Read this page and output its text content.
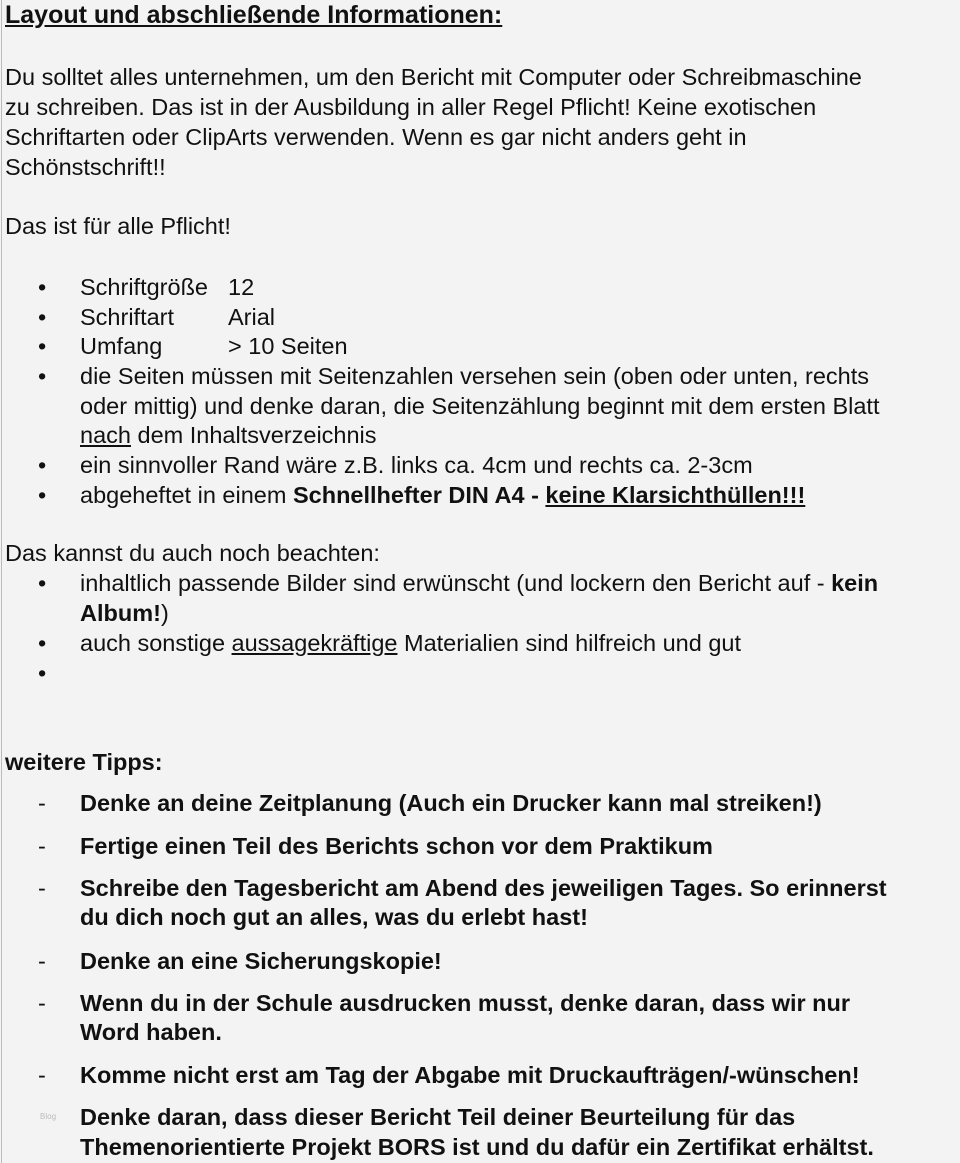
Layout und abschließende Informationen:
Du solltet alles unternehmen, um den Bericht mit Computer oder Schreibmaschine
zu schreiben. Das ist in der Ausbildung in aller Regel Pflicht! Keine exotischen
Schriftarten oder ClipArts verwenden. Wenn es gar nicht anders geht in
Schönstschrift!!
Das ist für alle Pflicht!
• Schriftgröße 12
• Schriftart Arial
• Umfang	> 10 Seiten
• die Seiten müssen mit Seitenzahlen versehen sein (oben oder unten, rechts
oder mittig) und denke daran, die Seitenzählung beginnt mit dem ersten Blatt
nach dem Inhaltsverzeichnis
• ein sinnvoller Rand wäre z.B. links ca. 4cm und rechts ca. 2-3cm
• abgeheftet in einem Schnellhefter DIN A4 - keine Klarsichthüllen!!!
Das kannst du auch noch beachten:
• inhaltlich passende Bilder sind erwünscht (und lockern den Bericht auf - kein
Album!)
• auch sonstige aussagekräftige Materialien sind hilfreich und gut
•
weitere Tipps:
- Denke an deine Zeitplanung (Auch ein Drucker kann mal streiken!)
- Fertige einen Teil des Berichts schon vor dem Praktikum
- Schreibe den Tagesbericht am Abend des jeweiligen Tages. So erinnerst
du dich noch gut an alles, was du erlebt hast!
- Denke an eine Sicherungskopie!
- Wenn du in der Schule ausdrucken musst, denke daran, dass wir nur
Word haben.
- Komme nicht erst am Tag der Abgabe mit Druckaufträgen/-wünschen!
Blog Denke daran, dass dieser Bericht Teil deiner Beurteilung für das
Themenorientierte Projekt BORS ist und du dafür ein Zertifikat erhältst.
